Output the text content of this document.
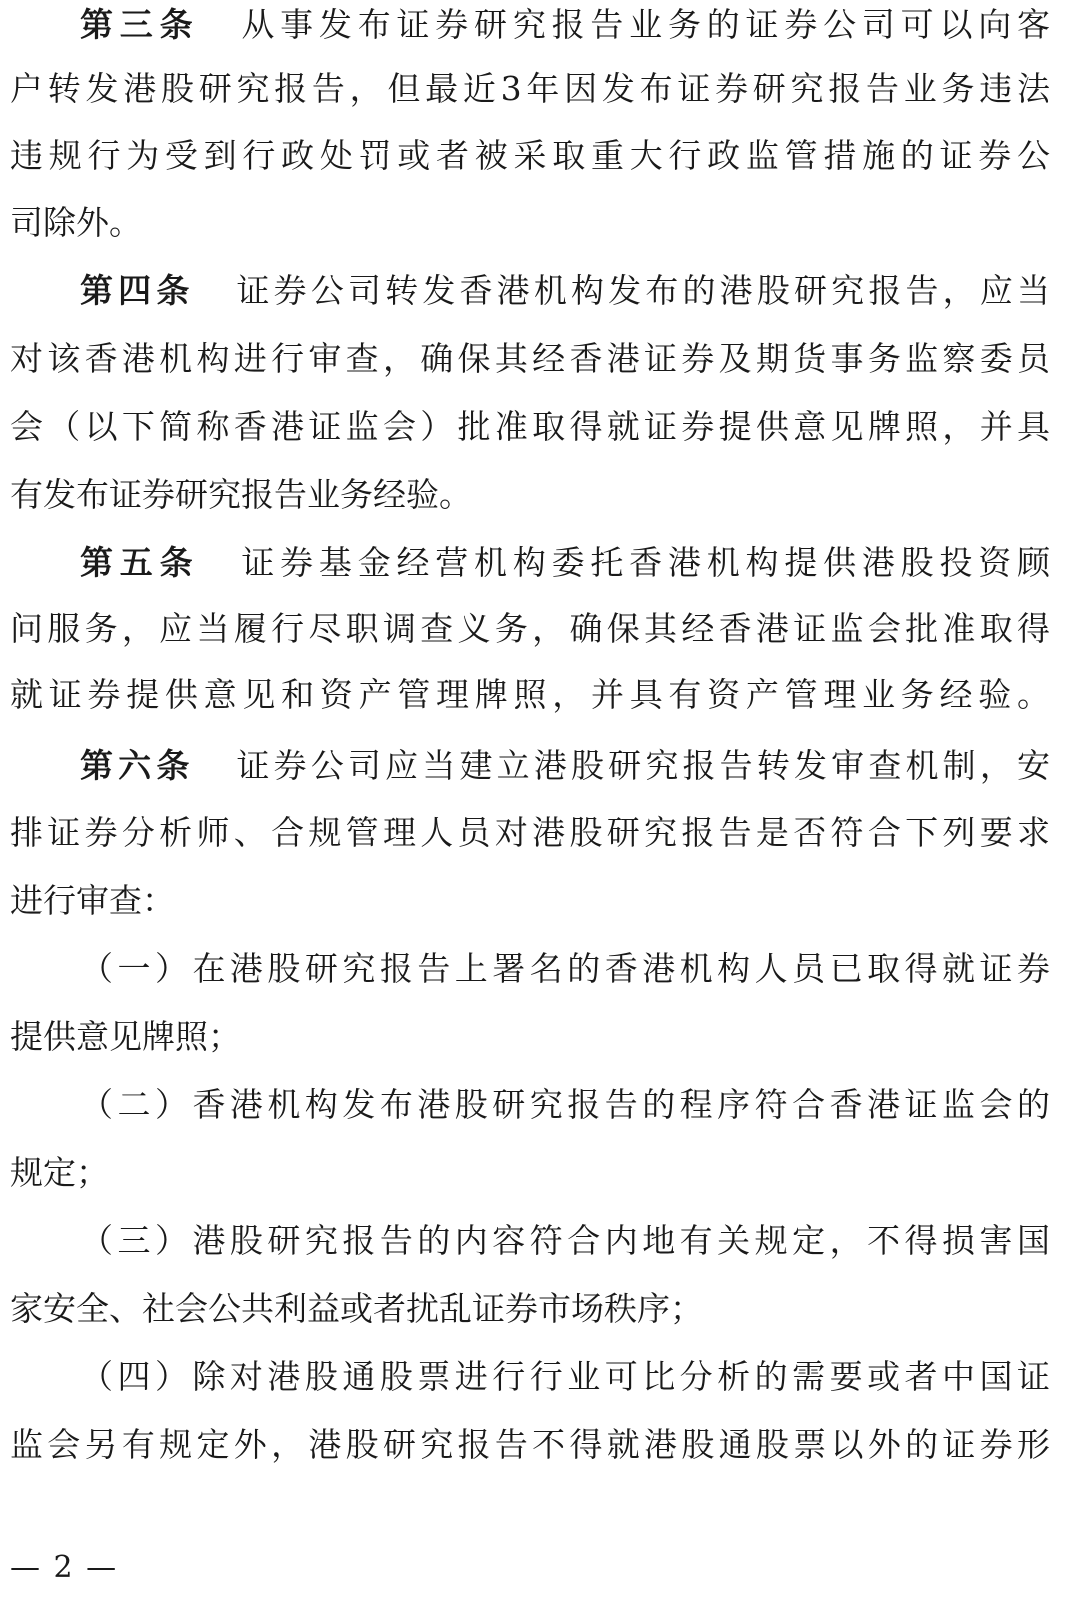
第三条 从事发布证券研究报告业务的证券公司可以向客
户转发港股研究报告，但最近3年因发布证券研究报告业务违法
违规行为受到行政处罚或者被采取重大行政监管措施的证券公
司除外。
第四条 证券公司转发香港机构发布的港股研究报告，应当
对该香港机构进行审查，确保其经香港证券及期货事务监察委员
会（以下简称香港证监会）批准取得就证券提供意见牌照，并具
有发布证券研究报告业务经验。
第五条 证券基金经营机构委托香港机构提供港股投资顾
问服务，应当履行尽职调查义务，确保其经香港证监会批准取得
就证券提供意见和资产管理牌照，并具有资产管理业务经验。
第六条 证券公司应当建立港股研究报告转发审查机制，安
排证券分析师、合规管理人员对港股研究报告是否符合下列要求
进行审查：
（一）在港股研究报告上署名的香港机构人员已取得就证券
提供意见牌照；
（二）香港机构发布港股研究报告的程序符合香港证监会的
规定；
（三）港股研究报告的内容符合内地有关规定，不得损害国
家安全、社会公共利益或者扰乱证券市场秩序；
（四）除对港股通股票进行行业可比分析的需要或者中国证
监会另有规定外，港股研究报告不得就港股通股票以外的证券形
— 2 —
